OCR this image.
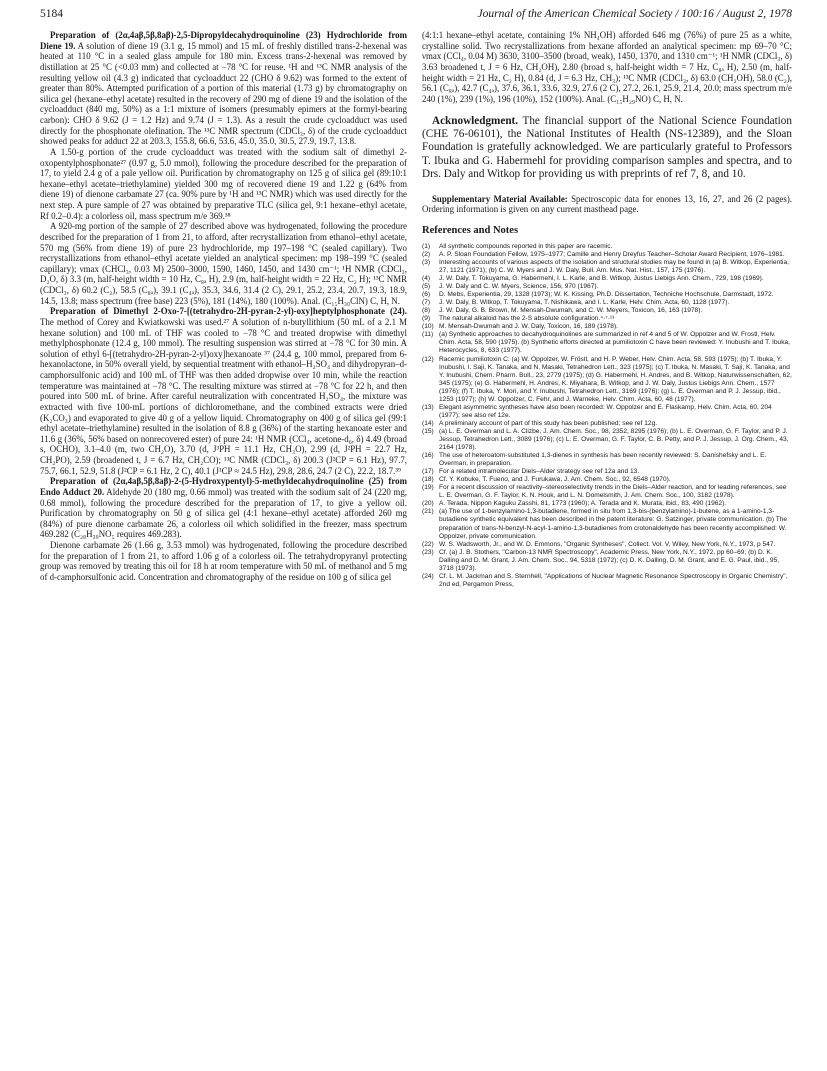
5184	Journal of the American Chemical Society / 100:16 / August 2, 1978

Preparation of (2α,4aβ,5β,8aβ)-2,5-Dipropyldecahydroquinoline (23) Hydrochloride from Diene 19. A solution of diene 19 (3.1 g, 15 mmol) and 15 mL of freshly distilled trans-2-hexenal was heated at 110 °C in a sealed glass ampule for 180 min. Excess trans-2-hexenal was removed by distillation at 25 °C (<0.03 mm) and collected at −78 °C for reuse. ¹H and ¹³C NMR analysis of the resulting yellow oil (4.3 g) indicated that cycloadduct 22 (CHO δ 9.62) was formed to the extent of greater than 80%. Attempted purification of a portion of this material (1.73 g) by chromatography on silica gel (hexane–ethyl acetate) resulted in the recovery of 290 mg of diene 19 and the isolation of the cycloadduct (840 mg, 50%) as a 1:1 mixture of isomers (presumably epimers at the formyl-bearing carbon): CHO δ 9.62 (J = 1.2 Hz) and 9.74 (J = 1.3). As a result the crude cycloadduct was used directly for the phosphonate olefination. The ¹³C NMR spectrum (CDCl₃, δ) of the crude cycloadduct showed peaks for adduct 22 at 203.3, 155.8, 66.6, 53.6, 45.0, 35.0, 30.5, 27.9, 19.7, 13.8.

A 1.50-g portion of the crude cycloadduct was treated with the sodium salt of dimethyl 2-oxopentylphosphonate²⁷ (0.97 g, 5.0 mmol), following the procedure described for the preparation of 17, to yield 2.4 g of a pale yellow oil. Purification by chromatography on 125 g of silica gel (89:10:1 hexane–ethyl acetate–triethylamine) yielded 300 mg of recovered diene 19 and 1.22 g (64% from diene 19) of dienone carbamate 27 (ca. 90% pure by ¹H and ¹³C NMR) which was used directly for the next step. A pure sample of 27 was obtained by preparative TLC (silica gel, 9:1 hexane–ethyl acetate, Rf 0.2–0.4): a colorless oil, mass spectrum m/e 369.³⁸

A 920-mg portion of the sample of 27 described above was hydrogenated, following the procedure described for the preparation of 1 from 21, to afford, after recrystallization from ethanol–ethyl acetate, 570 mg (56% from diene 19) of pure 23 hydrochloride, mp 197–198 °C (sealed capillary). Two recrystallizations from ethanol–ethyl acetate yielded an analytical specimen: mp 198–199 °C (sealed capillary); νmax (CHCl₃, 0.03 M) 2500–3000, 1590, 1460, 1450, and 1430 cm⁻¹; ¹H NMR (CDCl₃, D₂O, δ) 3.3 (m, half-height width = 10 Hz, C₈ₐ H), 2.9 (m, half-height width = 22 Hz, C₂ H); ¹³C NMR (CDCl₃, δ) 60.2 (C₂), 58.5 (C₈ₐ), 39.1 (C₄ₐ), 35.3, 34.6, 31.4 (2 C), 29.1, 25.2, 23.4, 20.7, 19.3, 18.9, 14.5, 13.8; mass spectrum (free base) 223 (5%), 181 (14%), 180 (100%). Anal. (C₁₅H₃₀ClN) C, H, N.

Preparation of Dimethyl 2-Oxo-7-[(tetrahydro-2H-pyran-2-yl)-oxy]heptylphosphonate (24). The method of Corey and Kwiatkowski was used.²⁷ A solution of n-butyllithium (50 mL of a 2.1 M hexane solution) and 100 mL of THF was cooled to −78 °C and treated dropwise with dimethyl methylphosphonate (12.4 g, 100 mmol). The resulting suspension was stirred at −78 °C for 30 min. A solution of ethyl 6-[(tetrahydro-2H-pyran-2-yl)oxy]hexanoate ³⁷ (24.4 g, 100 mmol, prepared from 6-hexanolactone, in 50% overall yield, by sequential treatment with ethanol–H₂SO₄ and dihydropyran–d-camphorsulfonic acid) and 100 mL of THF was then added dropwise over 10 min, while the reaction temperature was maintained at −78 °C. The resulting mixture was stirred at −78 °C for 22 h, and then poured into 500 mL of brine. After careful neutralization with concentrated H₂SO₄, the mixture was extracted with five 100-mL portions of dichloromethane, and the combined extracts were dried (K₂CO₃) and evaporated to give 40 g of a yellow liquid. Chromatography on 400 g of silica gel (99:1 ethyl acetate–triethylamine) resulted in the isolation of 8.8 g (36%) of the starting hexanoate ester and 11.6 g (36%, 56% based on nonrecovered ester) of pure 24: ¹H NMR (CCl₄, acetone-d₆, δ) 4.49 (broad s, OCHO), 3.1–4.0 (m, two CH₂O), 3.70 (d, J³PH = 11.1 Hz, CH₃O), 2.99 (d, J²PH = 22.7 Hz, CH₂PO), 2.59 (broadened t, J = 6.7 Hz, CH₂CO); ¹³C NMR (CDCl₃, δ) 200.3 (J²CP = 6.1 Hz), 97.7, 75.7, 66.1, 52.9, 51.8 (J²CP = 6.1 Hz, 2 C), 40.1 (J¹CP ≈ 24.5 Hz), 29.8, 28.6, 24.7 (2 C), 22.2, 18.7.³⁹

Preparation of (2α,4aβ,5β,8aβ)-2-(5-Hydroxypentyl)-5-methyldecahydroquinoline (25) from Endo Adduct 20. Aldehyde 20 (180 mg, 0.66 mmol) was treated with the sodium salt of 24 (220 mg, 0.68 mmol), following the procedure described for the preparation of 17, to give a yellow oil. Purification by chromatography on 50 g of silica gel (4:1 hexane–ethyl acetate) afforded 260 mg (84%) of pure dienone carbamate 26, a colorless oil which solidified in the freezer, mass spectrum 469.282 (C₂₈H₃₉NO₅ requires 469.283).

Dienone carbamate 26 (1.66 g, 3.53 mmol) was hydrogenated, following the procedure described for the preparation of 1 from 21, to afford 1.06 g of a colorless oil. The tetrahydropyranyl protecting group was removed by treating this oil for 18 h at room temperature with 50 mL of methanol and 5 mg of d-camphorsulfonic acid. Concentration and chromatography of the residue on 100 g of silica gel

(4:1:1 hexane–ethyl acetate, containing 1% NH₄OH) afforded 646 mg (76%) of pure 25 as a white, crystalline solid. Two recrystallizations from hexane afforded an analytical specimen: mp 69–70 °C; νmax (CCl₄, 0.04 M) 3630, 3100–3500 (broad, weak), 1450, 1370, and 1310 cm⁻¹; ¹H NMR (CDCl₃, δ) 3.63 broadened t, J = 6 Hz, CH₂OH), 2.80 (broad s, half-height width = 7 Hz, C₈ₐ H), 2.50 (m, half-height width = 21 Hz, C₂ H), 0.84 (d, J = 6.3 Hz, CH₃); ¹³C NMR (CDCl₃, δ) 63.0 (CH₂OH), 58.0 (C₂), 56.1 (C₈ₐ), 42.7 (C₄ₐ), 37.6, 36.1, 33.6, 32.9, 27.6 (2 C), 27.2, 26.1, 25.9, 21.4, 20.0; mass spectrum m/e 240 (1%), 239 (1%), 196 (10%), 152 (100%). Anal. (C₁₅H₂₉NO) C, H, N.

Acknowledgment. The financial support of the National Science Foundation (CHE 76-06101), the National Institutes of Health (NS-12389), and the Sloan Foundation is gratefully acknowledged. We are particularly grateful to Professors T. Ibuka and G. Habermehl for providing comparison samples and spectra, and to Drs. Daly and Witkop for providing us with preprints of ref 7, 8, and 10.

Supplementary Material Available: Spectroscopic data for enones 13, 16, 27, and 26 (2 pages). Ordering information is given on any current masthead page.

References and Notes
(1)	All synthetic compounds reported in this paper are racemic.
(2)	A. P. Sloan Foundation Fellow, 1975–1977; Camille and Henry Dreyfus Teacher–Scholar Award Recipient, 1976–1981.
(3)	Interesting accounts of various aspects of the isolation and structural studies may be found in (a) B. Witkop, Experientia, 27, 1121 (1971); (b) C. W. Myers and J. W. Daly, Bull. Am. Mus. Nat. Hist., 157, 175 (1976).
(4)	J. W. Daly, T. Tokuyama, G. Habermehl, I. L. Karle, and B. Witkop, Justus Liebigs Ann. Chem., 729, 198 (1969).
(5)	J. W. Daly and C. W. Myers, Science, 156, 970 (1967).
(6)	D. Mebs, Experientia, 29, 1328 (1973); W. K. Kissing, Ph.D. Dissertation, Techniche Hochschule, Darmstadt, 1972.
(7)	J. W. Daly, B. Witkop, T. Tokuyama, T. Nishikawa, and I. L. Karle, Helv. Chim. Acta, 60, 1128 (1977).
(8)	J. W. Daly, G. B. Brown, M. Mensah-Dwumah, and C. W. Meyers, Toxicon, 16, 163 (1978).
(9)	The natural alkaloid has the 2-S absolute configuration.⁴·⁷·¹³
(10) M. Mensah-Dwumah and J. W. Daly, Toxicon, 16, 189 (1978).
(11) (a) Synthetic approaches to decahydroquinolines are summarized in ref 4 and 5 of W. Oppolzer and W. Frostl, Helv. Chim. Acta, 58, 590 (1975). (b) Synthetic efforts directed at pumiliotoxin C have been reviewed: Y. Inubushi and T. Ibuka, Heterocycles, 8, 633 (1977).
(12) Racemic pumiliotoxin C: (a) W. Oppolzer, W. Fröstl, and H. P. Weber, Helv. Chim. Acta, 58, 593 (1975); (b) T. Ibuka, Y. Inubushi, I. Saji, K. Tanaka, and N. Masaki, Tetrahedron Lett., 323 (1975); (c) T. Ibuka, N. Masaki, T. Saji, K. Tanaka, and Y. Inubushi, Chem. Pharm. Bull., 23, 2779 (1975); (d) G. Habermehl, H. Andres, and B. Witkop, Naturwissenschaften, 62, 345 (1975); (e) G. Habermehl, H. Andres, K. Miyahara, B. Witkop, and J. W. Daly, Justus Liebigs Ann. Chem., 1577 (1976); (f) T. Ibuka, Y. Mori, and Y. Inubushi, Tetrahedron Lett., 3169 (1976); (g) L. E. Overman and P. J. Jessup, ibid., 1253 (1977); (h) W. Oppolzer, C. Fehr, and J. Warneke, Helv. Chim. Acta, 60, 48 (1977).
(13) Elegant asymmetric syntheses have also been recorded: W. Oppolzer and E. Flaskamp, Helv. Chim. Acta, 60, 204 (1977); see also ref 12e.
(14) A preliminary account of part of this study has been published; see ref 12g.
(15) (a) L. E. Overman and L. A. Clizbe, J. Am. Chem. Soc., 98, 2352, 8295 (1976); (b) L. E. Overman, G. F. Taylor, and P. J. Jessup, Tetrahedron Lett., 3089 (1976); (c) L. E. Overman, G. F. Taylor, C. B. Petty, and P. J. Jessup, J. Org. Chem., 43, 2164 (1978).
(16) The use of heteroatom-substituted 1,3-dienes in synthesis has been recently reviewed: S. Danishefsky and L. E. Overman, in preparation.
(17) For a related intramolecular Diels–Alder strategy see ref 12a and 13.
(18) Cf. Y. Kobuke, T. Fueno, and J. Furukawa, J. Am. Chem. Soc., 92, 6548 (1970).
(19) For a recent discussion of reactivity–stereoselectivity trends in the Diels–Alder reaction, and for leading references, see L. E. Overman, G. F. Taylor, K. N. Houk, and L. N. Domelsmith, J. Am. Chem. Soc., 100, 3182 (1978).
(20) A. Terada, Nippon Kaguku Zasshi, 81, 1773 (1960); A. Terada and K. Murata, ibid., 83, 490 (1962).
(21) (a) The use of 1-benzylamino-1,3-butadiene, formed in situ from 1,3-bis-(benzylamino)-1-butene, as a 1-amino-1,3-butadiene synthetic equivalent has been described in the patent literature: G. Satzinger, private communication. (b) The preparation of trans-N-benzyl-N-acyl-1-amino-1,3-butadienes from crotonaldehyde has been recently accomplished: W. Oppolzer, private communication.
(22) W. S. Wadsworth, Jr., and W. D. Emmons, "Organic Syntheses", Collect. Vol. V, Wiley, New York, N.Y., 1973, p 547.
(23) Cf. (a) J. B. Stothers, "Carbon-13 NMR Spectroscopy", Academic Press, New York, N.Y., 1972, pp 60–69; (b) D. K. Dalling and D. M. Grant, J. Am. Chem. Soc., 94, 5318 (1972); (c) D. K. Dalling, D. M. Grant, and E. G. Paul, ibid., 95, 3718 (1973).
(24) Cf. L. M. Jackman and S. Sternhell, "Applications of Nuclear Magnetic Resonance Spectroscopy in Organic Chemistry", 2nd ed, Pergamon Press,
